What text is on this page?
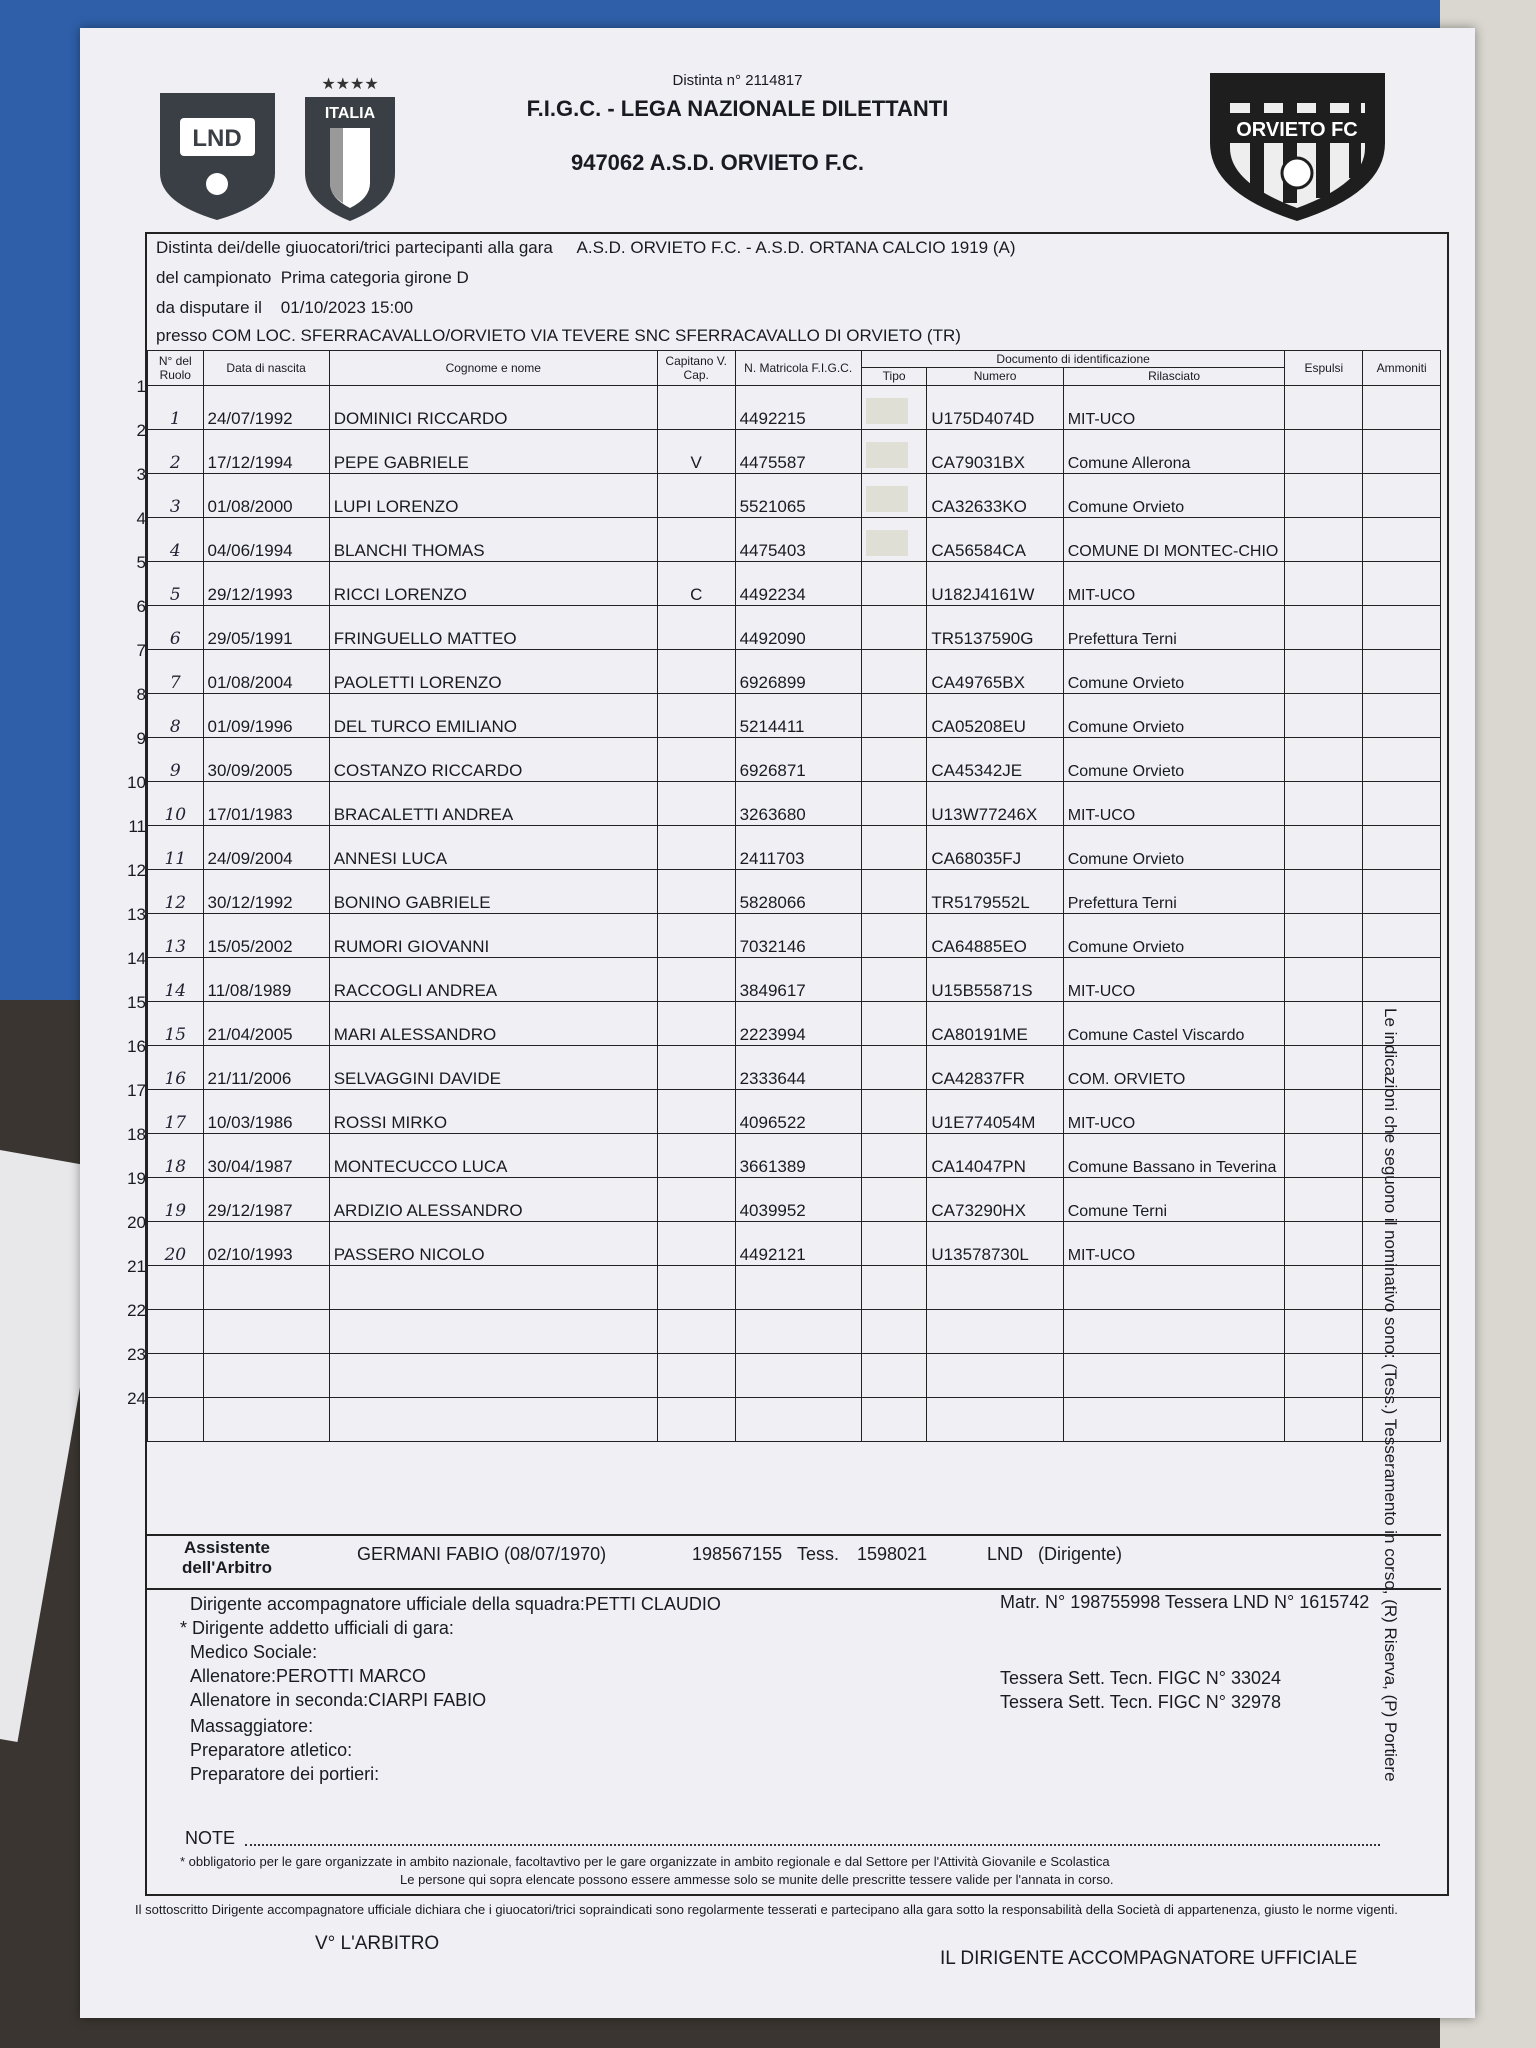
LND
★★★★
ITALIA
ORVIETO FC
Distinta n° 2114817
F.I.G.C. - LEGA NAZIONALE DILETTANTI
947062 A.S.D. ORVIETO F.C.
Distinta dei/delle giuocatori/trici partecipanti alla gara A.S.D. ORVIETO F.C. - A.S.D. ORTANA CALCIO 1919 (A)
del campionato Prima categoria girone D
da disputare il 01/10/2023 15:00
presso COM LOC. SFERRACAVALLO/ORVIETO VIA TEVERE SNC SFERRACAVALLO DI ORVIETO (TR)
N° del Ruolo	Data di nascita	Cognome e nome	Capitano V. Cap.	N. Matricola F.I.G.C.	Documento di identificazione			Espulsi	Ammoniti
					Tipo	Numero	Rilasciato		
1	24/07/1992	DOMINICI RICCARDO		4492215		U175D4074D	MIT-UCO		
2	17/12/1994	PEPE GABRIELE	V	4475587		CA79031BX	Comune Allerona		
3	01/08/2000	LUPI LORENZO		5521065		CA32633KO	Comune Orvieto		
4	04/06/1994	BLANCHI THOMAS		4475403		CA56584CA	COMUNE DI MONTEC-CHIO		
5	29/12/1993	RICCI LORENZO	C	4492234		U182J4161W	MIT-UCO		
6	29/05/1991	FRINGUELLO MATTEO		4492090		TR5137590G	Prefettura Terni		
7	01/08/2004	PAOLETTI LORENZO		6926899		CA49765BX	Comune Orvieto		
8	01/09/1996	DEL TURCO EMILIANO		5214411		CA05208EU	Comune Orvieto		
9	30/09/2005	COSTANZO RICCARDO		6926871		CA45342JE	Comune Orvieto		
10	17/01/1983	BRACALETTI ANDREA		3263680		U13W77246X	MIT-UCO		
11	24/09/2004	ANNESI LUCA		2411703		CA68035FJ	Comune Orvieto		
12	30/12/1992	BONINO GABRIELE		5828066		TR5179552L	Prefettura Terni		
13	15/05/2002	RUMORI GIOVANNI		7032146		CA64885EO	Comune Orvieto		
14	11/08/1989	RACCOGLI ANDREA		3849617		U15B55871S	MIT-UCO		
15	21/04/2005	MARI ALESSANDRO		2223994		CA80191ME	Comune Castel Viscardo		
16	21/11/2006	SELVAGGINI DAVIDE		2333644		CA42837FR	COM. ORVIETO		
17	10/03/1986	ROSSI MIRKO		4096522		U1E774054M	MIT-UCO		
18	30/04/1987	MONTECUCCO LUCA		3661389		CA14047PN	Comune Bassano in Teverina		
19	29/12/1987	ARDIZIO ALESSANDRO		4039952		CA73290HX	Comune Terni		
20	02/10/1993	PASSERO NICOLO		4492121		U13578730L	MIT-UCO		

1
2
3
4
5
6
7
8
9
10
11
12
13
14
15
16
17
18
19
20
21
22
23
24	Le indicazioni che seguono il nominativo sono: (Tess.) Tesseramento in corso, (R) Riserva, (P) Portiere
Assistente dell'Arbitro
GERMANI FABIO (08/07/1970)	198567155 Tess. 1598021	LND   (Dirigente)
Dirigente accompagnatore ufficiale della squadra:PETTI CLAUDIO	Matr. N° 198755998 Tessera LND N° 1615742
* Dirigente addetto ufficiali di gara:
Medico Sociale:
Allenatore:PEROTTI MARCO	Tessera Sett. Tecn. FIGC N° 33024
Allenatore in seconda:CIARPI FABIO	Tessera Sett. Tecn. FIGC N° 32978
Massaggiatore:
Preparatore atletico:
Preparatore dei portieri:
NOTE
* obbligatorio per le gare organizzate in ambito nazionale, facoltavtivo per le gare organizzate in ambito regionale e dal Settore per l'Attività Giovanile e Scolastica
Le persone qui sopra elencate possono essere ammesse solo se munite delle prescritte tessere valide per l'annata in corso.
Il sottoscritto Dirigente accompagnatore ufficiale dichiara che i giuocatori/trici sopraindicati sono regolarmente tesserati e partecipano alla gara sotto la responsabilità della Società di appartenenza, giusto le norme vigenti.
V° L'ARBITRO
IL DIRIGENTE ACCOMPAGNATORE UFFICIALE
